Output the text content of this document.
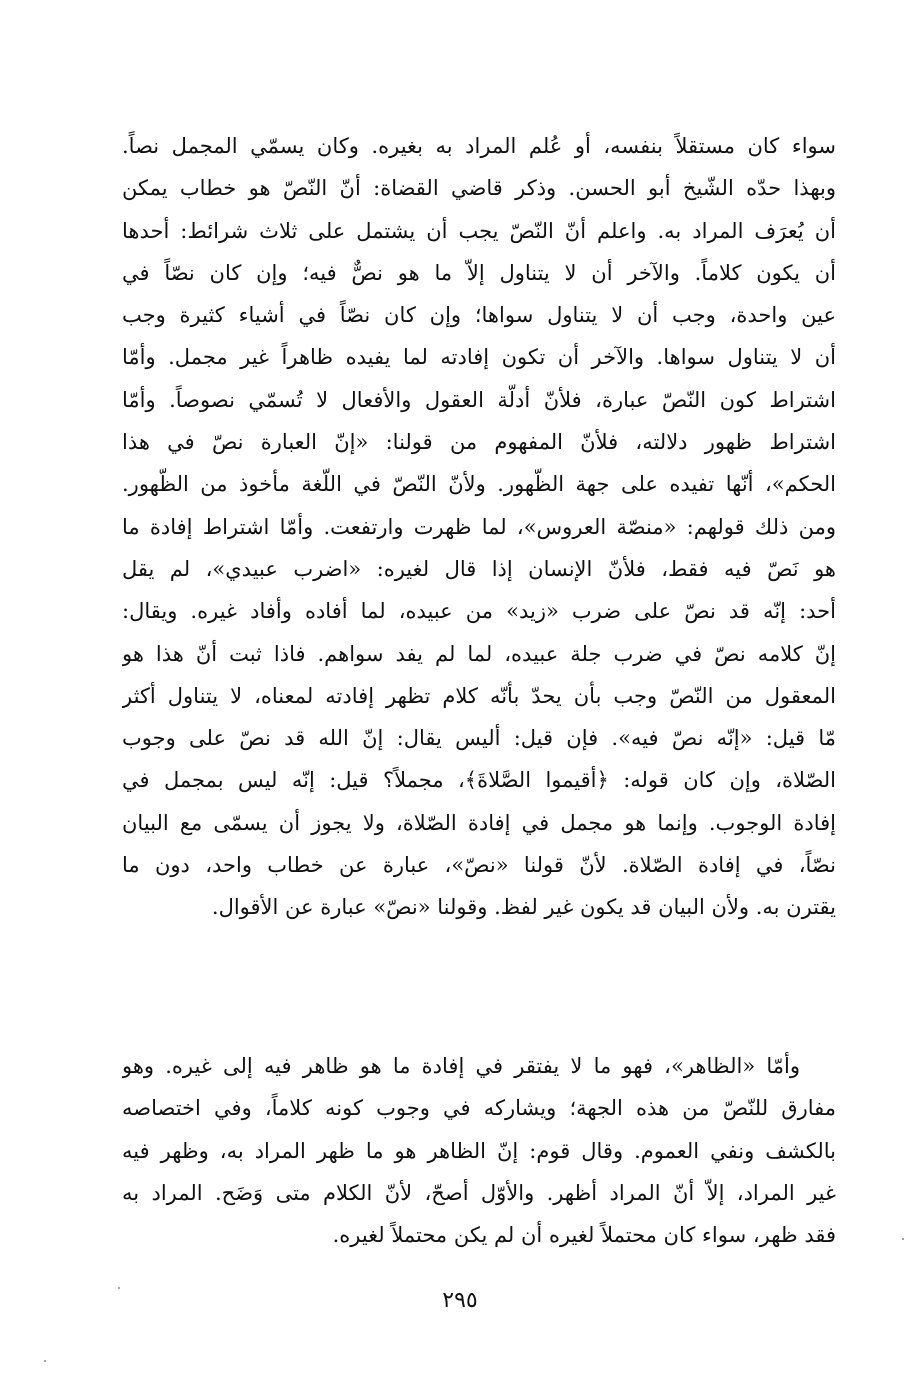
سواء كان مستقلاً بنفسه، أو عُلم المراد به بغيره. وكان يسمّي المجمل نصاً.
وبهذا حدّه الشّيخ أبو الحسن. وذكر قاضي القضاة: أنّ النّصّ هو خطاب يمكن
أن يُعرَف المراد به. واعلم أنّ النّصّ يجب أن يشتمل على ثلاث شرائط: أحدها
أن يكون كلاماً. والآخر أن لا يتناول إلاّ ما هو نصٌّ فيه؛ وإن كان نصّاً في
عين واحدة، وجب أن لا يتناول سواها؛ وإن كان نصّاً في أشياء كثيرة وجب
أن لا يتناول سواها. والآخر أن تكون إفادته لما يفيده ظاهراً غير مجمل. وأمّا
اشتراط كون النّصّ عبارة، فلأنّ أدلّة العقول والأفعال لا تُسمّي نصوصاً. وأمّا
اشتراط ظهور دلالته، فلأنّ المفهوم من قولنا: «إنّ العبارة نصّ في هذا
الحكم»، أنّها تفيده على جهة الظّهور. ولأنّ النّصّ في اللّغة مأخوذ من الظّهور.
ومن ذلك قولهم: «منصّة العروس»، لما ظهرت وارتفعت. وأمّا اشتراط إفادة ما
هو نَصّ فيه فقط، فلأنّ الإنسان إذا قال لغيره: «اضرب عبيدي»، لم يقل
أحد: إنّه قد نصّ على ضرب «زيد» من عبيده، لما أفاده وأفاد غيره. ويقال:
إنّ كلامه نصّ في ضرب جلة عبيده، لما لم يفد سواهم. فاذا ثبت أنّ هذا هو
المعقول من النّصّ وجب بأن يحدّ بأنّه كلام تظهر إفادته لمعناه، لا يتناول أكثر
مّا قيل: «إنّه نصّ فيه». فإن قيل: أليس يقال: إنّ الله قد نصّ على وجوب
الصّلاة، وإن كان قوله: ﴿أقيموا الصَّلاةَ﴾، مجملاً؟ قيل: إنّه ليس بمجمل في
إفادة الوجوب. وإنما هو مجمل في إفادة الصّلاة، ولا يجوز أن يسمّى مع البيان
نصّاً، في إفادة الصّلاة. لأنّ قولنا «نصّ»، عبارة عن خطاب واحد، دون ما
يقترن به. ولأن البيان قد يكون غير لفظ. وقولنا «نصّ» عبارة عن الأقوال.
وأمّا «الظاهر»، فهو ما لا يفتقر في إفادة ما هو ظاهر فيه إلى غيره. وهو
مفارق للنّصّ من هذه الجهة؛ ويشاركه في وجوب كونه كلاماً، وفي اختصاصه
بالكشف ونفي العموم. وقال قوم: إنّ الظاهر هو ما ظهر المراد به، وظهر فيه
غير المراد، إلاّ أنّ المراد أظهر. والأوّل أصحّ، لأنّ الكلام متى وَضَح. المراد به
فقد ظهر، سواء كان محتملاً لغيره أن لم يكن محتملاً لغيره.
٢٩٥
